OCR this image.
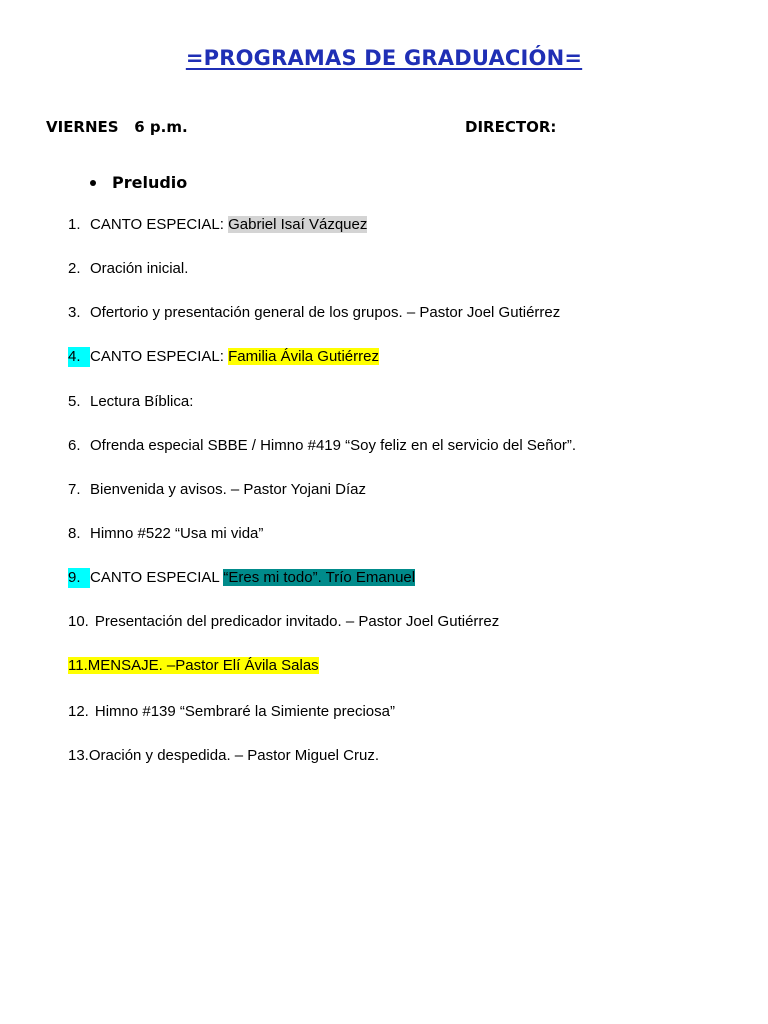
=PROGRAMAS DE GRADUACIÓN=
VIERNES   6 p.m.	DIRECTOR:
Preludio
1. CANTO ESPECIAL: Gabriel Isaí Vázquez
2. Oración inicial.
3. Ofertorio y presentación general de los grupos. – Pastor Joel Gutiérrez
4. CANTO ESPECIAL: Familia Ávila Gutiérrez
5. Lectura Bíblica:
6. Ofrenda especial SBBE / Himno #419 “Soy feliz en el servicio del Señor”.
7. Bienvenida y avisos. – Pastor Yojani Díaz
8. Himno #522 “Usa mi vida”
9. CANTO ESPECIAL “Eres mi todo”. Trío Emanuel
10. Presentación del predicador invitado. – Pastor Joel Gutiérrez
11.MENSAJE. –Pastor Elí Ávila Salas
12. Himno #139 “Sembraré la Simiente preciosa”
13.Oración y despedida. – Pastor Miguel Cruz.
